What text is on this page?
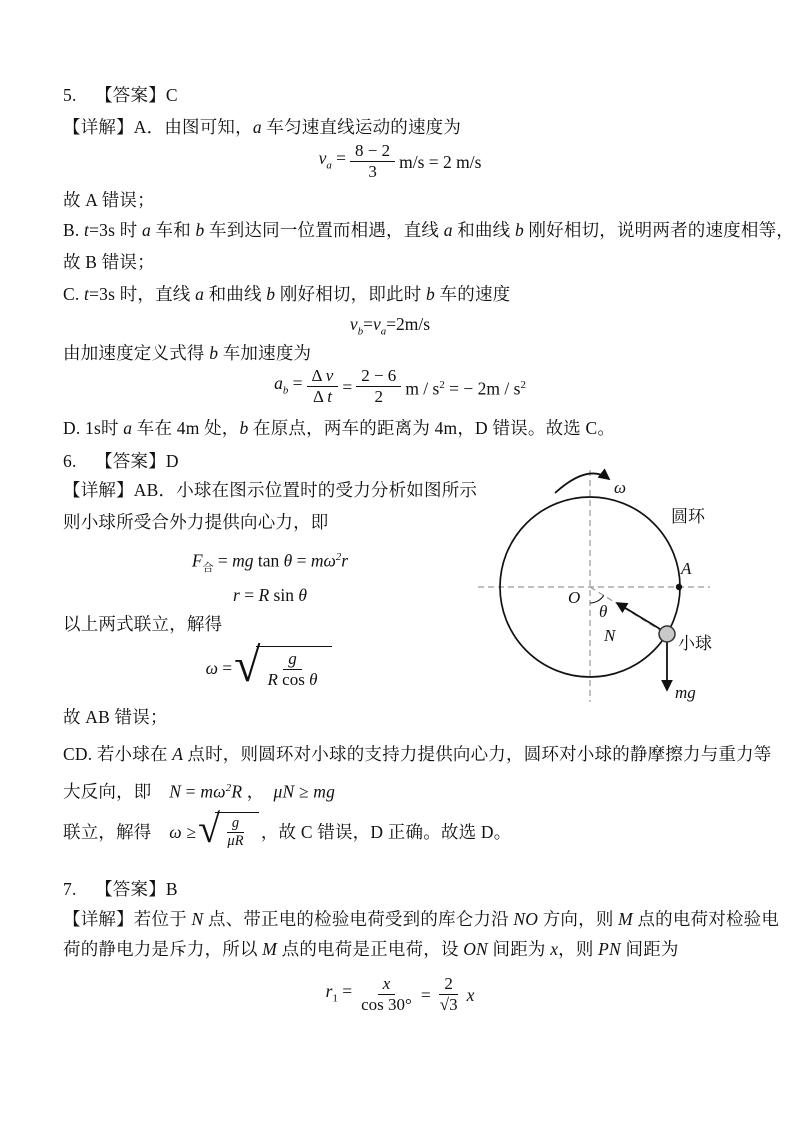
5. 【答案】C
【详解】A．由图可知，a 车匀速直线运动的速度为
$v_a = \frac{8 - 2}{3} m/s = 2$ m/s
故 A 错误；
B. t=3s 时 a 车和 b 车到达同一位置而相遇，直线 a 和曲线 b 刚好相切，说明两者的速度相等，
故 B 错误；
C. t=3s 时，直线 a 和曲线 b 刚好相切，即此时 b 车的速度
$v_b=v_a=2m/s$
由加速度定义式得 b 车加速度为
$a_b = \frac{\text{Δ v}}{\text{Δ t}} = \frac{2 - 6}{2}$ m / $s^2$ = − $2m / s^2$
D. 1s时 a 车在 4m 处，b 在原点，两车的距离为 4m，D 错误。故选 C。
6. 【答案】D
【详解】AB．小球在图示位置时的受力分析如图所示
则小球所受合外力提供向心力，即
$F_合$ = mg $\tan \theta = m\omega^2r$
r = R sin θ
以上两式联立，解得
ω = √ $\frac{g}{\text{R cos θ}}$
故 AB 错误；
CD. 若小球在 A 点时，则圆环对小球的支持力提供向心力，圆环对小球的静摩擦力与重力等
大反向，即　$N = m\omega^2R$ ，　μN ≥ mg
联立，解得　ω ≥ √ $\frac{g}{\mu R}$ ，故 C 错误，D 正确。故选 D。
ω
圆环
A
O
θ
N	小球
mg
7. 【答案】B
【详解】若位于 N 点、带正电的检验电荷受到的库仑力沿 NO 方向，则 M 点的电荷对检验电
荷的静电力是斥力，所以 M 点的电荷是正电荷，设 ON 间距为 x，则 PN 间距为
$r_1 = \frac{x}{\cos 30^\circ} = \frac{2}{√3}$ x
